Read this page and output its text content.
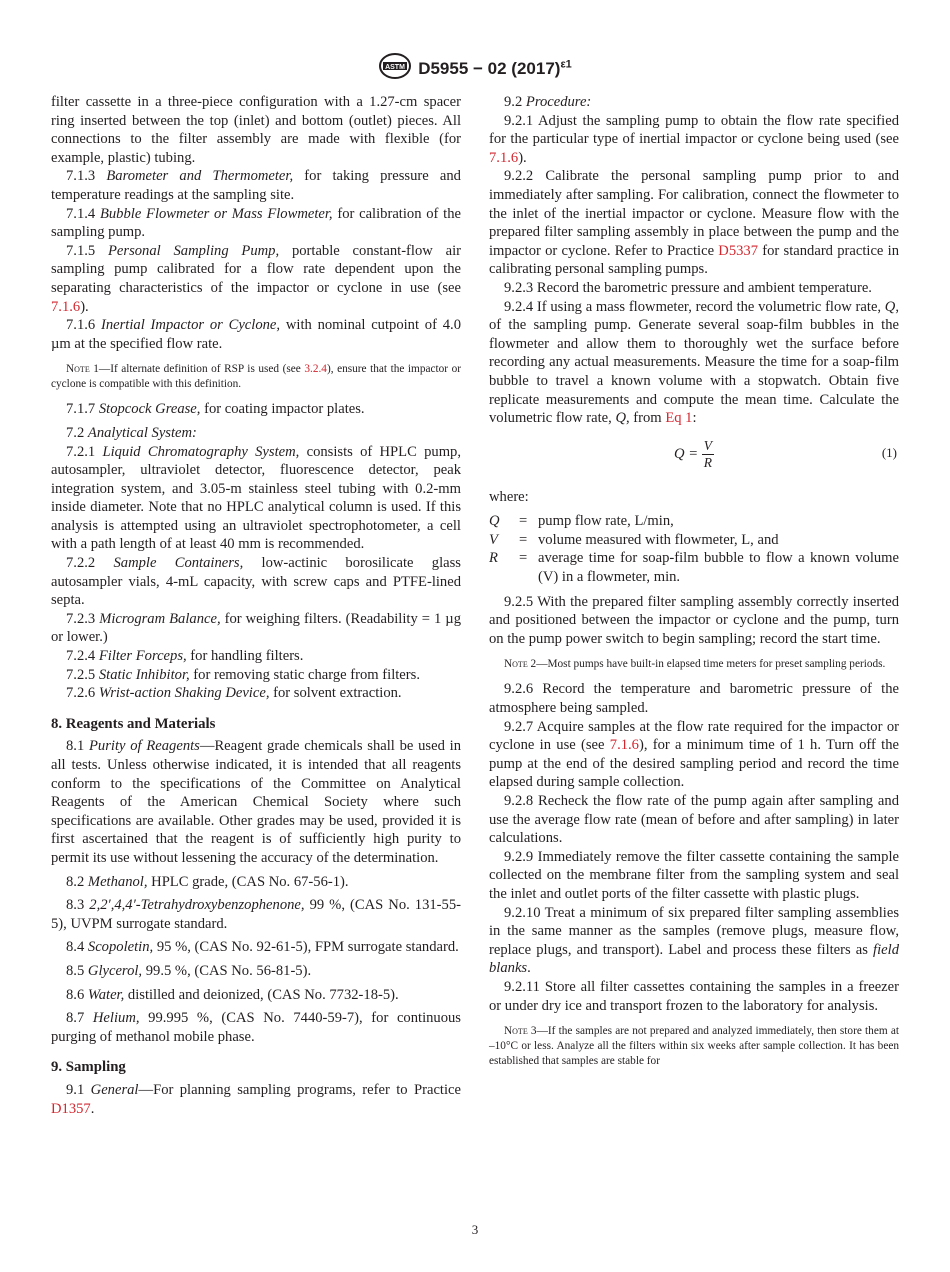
ASTM D5955 − 02 $(2017)^{\varepsilon 1}$

filter cassette in a three-piece configuration with a 1.27-cm spacer ring inserted between the top (inlet) and bottom (outlet) pieces. All connections to the filter assembly are made with flexible (for example, plastic) tubing.

7.1.3 Barometer and Thermometer, for taking pressure and temperature readings at the sampling site.

7.1.4 Bubble Flowmeter or Mass Flowmeter, for calibration of the sampling pump.

7.1.5 Personal Sampling Pump, portable constant-flow air sampling pump calibrated for a flow rate dependent upon the separating characteristics of the impactor or cyclone in use (see 7.1.6).

7.1.6 Inertial Impactor or Cyclone, with nominal cutpoint of 4.0 µm at the specified flow rate.

Note 1—If alternate definition of RSP is used (see 3.2.4), ensure that the impactor or cyclone is compatible with this definition.

7.1.7 Stopcock Grease, for coating impactor plates.

7.2 Analytical System:

7.2.1 Liquid Chromatography System, consists of HPLC pump, autosampler, ultraviolet detector, fluorescence detector, peak integration system, and 3.05-m stainless steel tubing with 0.2-mm inside diameter. Note that no HPLC analytical column is used. If this analysis is attempted using an ultraviolet spectrophotometer, a cell with a path length of at least 40 mm is recommended.

7.2.2 Sample Containers, low-actinic borosilicate glass autosampler vials, 4-mL capacity, with screw caps and PTFE-lined septa.

7.2.3 Microgram Balance, for weighing filters. (Readability = 1 µg or lower.)

7.2.4 Filter Forceps, for handling filters.

7.2.5 Static Inhibitor, for removing static charge from filters.

7.2.6 Wrist-action Shaking Device, for solvent extraction.

8. Reagents and Materials

8.1 Purity of Reagents—Reagent grade chemicals shall be used in all tests. Unless otherwise indicated, it is intended that all reagents conform to the specifications of the Committee on Analytical Reagents of the American Chemical Society where such specifications are available. Other grades may be used, provided it is first ascertained that the reagent is of sufficiently high purity to permit its use without lessening the accuracy of the determination.

8.2 Methanol, HPLC grade, (CAS No. 67-56-1).

8.3 2,2′,4,4′-Tetrahydroxybenzophenone, 99 %, (CAS No. 131-55-5), UVPM surrogate standard.

8.4 Scopoletin, 95 %, (CAS No. 92-61-5), FPM surrogate standard.

8.5 Glycerol, 99.5 %, (CAS No. 56-81-5).

8.6 Water, distilled and deionized, (CAS No. 7732-18-5).

8.7 Helium, 99.995 %, (CAS No. 7440-59-7), for continuous purging of methanol mobile phase.

9. Sampling

9.1 General—For planning sampling programs, refer to Practice D1357.

9.2 Procedure:

9.2.1 Adjust the sampling pump to obtain the flow rate specified for the particular type of inertial impactor or cyclone being used (see 7.1.6).

9.2.2 Calibrate the personal sampling pump prior to and immediately after sampling. For calibration, connect the flowmeter to the inlet of the inertial impactor or cyclone. Measure flow with the prepared filter sampling assembly in place between the pump and the impactor or cyclone. Refer to Practice D5337 for standard practice in calibrating personal sampling pumps.

9.2.3 Record the barometric pressure and ambient temperature.

9.2.4 If using a mass flowmeter, record the volumetric flow rate, Q, of the sampling pump. Generate several soap-film bubbles in the flowmeter and allow them to thoroughly wet the surface before recording any actual measurements. Measure the time for a soap-film bubble to travel a known volume with a stopwatch. Obtain five replicate measurements and compute the mean time. Calculate the volumetric flow rate, Q, from Eq 1:

$Q = \frac{V}{R}$	(1)

where:

Q	=	pump flow rate, L/min,
V	=	volume measured with flowmeter, L, and
R	=	average time for soap-film bubble to flow a known volume (V) in a flowmeter, min.

9.2.5 With the prepared filter sampling assembly correctly inserted and positioned between the impactor or cyclone and the pump, turn on the pump power switch to begin sampling; record the start time.

Note 2—Most pumps have built-in elapsed time meters for preset sampling periods.

9.2.6 Record the temperature and barometric pressure of the atmosphere being sampled.

9.2.7 Acquire samples at the flow rate required for the impactor or cyclone in use (see 7.1.6), for a minimum time of 1 h. Turn off the pump at the end of the desired sampling period and record the time elapsed during sample collection.

9.2.8 Recheck the flow rate of the pump again after sampling and use the average flow rate (mean of before and after sampling) in later calculations.

9.2.9 Immediately remove the filter cassette containing the sample collected on the membrane filter from the sampling system and seal the inlet and outlet ports of the filter cassette with plastic plugs.

9.2.10 Treat a minimum of six prepared filter sampling assemblies in the same manner as the samples (remove plugs, measure flow, replace plugs, and transport). Label and process these filters as field blanks.

9.2.11 Store all filter cassettes containing the samples in a freezer or under dry ice and transport frozen to the laboratory for analysis.

Note 3—If the samples are not prepared and analyzed immediately, then store them at –10°C or less. Analyze all the filters within six weeks after sample collection. It has been established that samples are stable for

3
